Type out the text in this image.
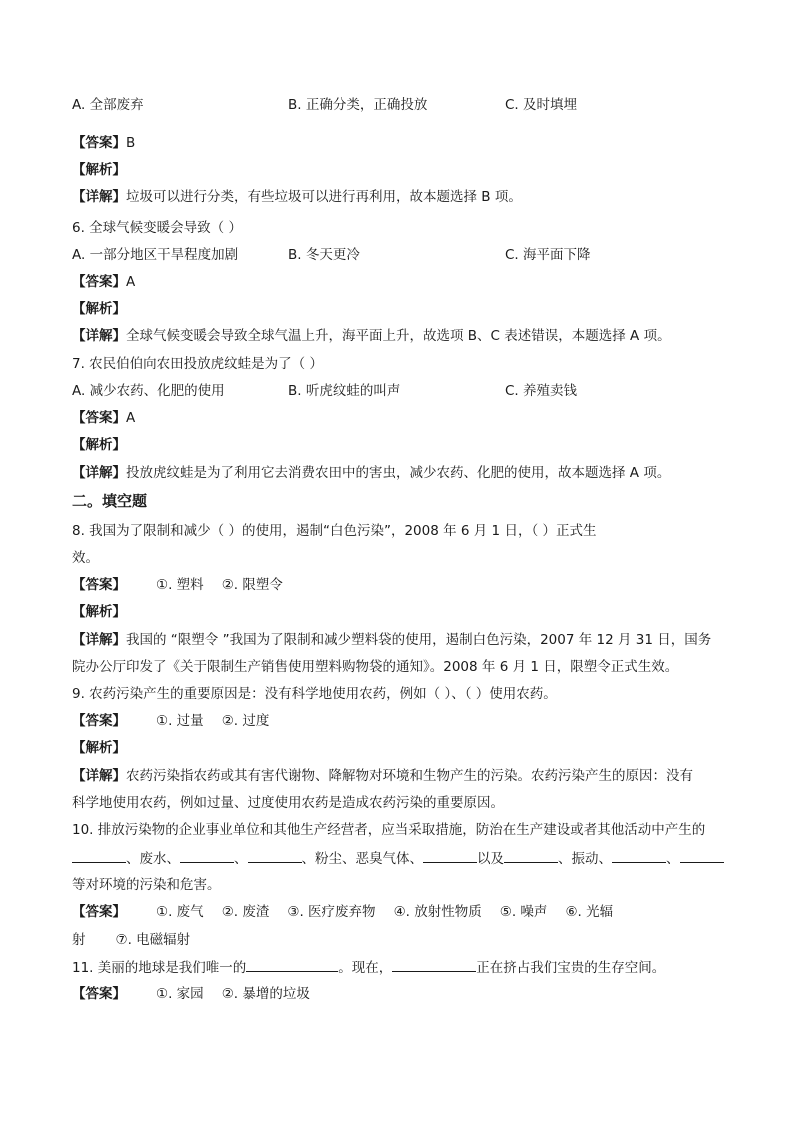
A. 全部废弃	B. 正确分类，正确投放	C. 及时填埋
【答案】B
【解析】
【详解】垃圾可以进行分类，有些垃圾可以进行再利用，故本题选择 B 项。
6. 全球气候变暖会导致（ ）
A. 一部分地区干旱程度加剧	B. 冬天更冷	C. 海平面下降
【答案】A
【解析】
【详解】全球气候变暖会导致全球气温上升，海平面上升，故选项 B、C 表述错误，本题选择 A 项。
7. 农民伯伯向农田投放虎纹蛙是为了（ ）
A. 减少农药、化肥的使用	B. 听虎纹蛙的叫声	C. 养殖卖钱
【答案】A
【解析】
【详解】投放虎纹蛙是为了利用它去消费农田中的害虫，减少农药、化肥的使用，故本题选择 A 项。
二。填空题
8. 我国为了限制和减少（ ）的使用，遏制“白色污染”，2008 年 6 月 1 日，（ ）正式生
效。
【答案】 ①. 塑料 ②. 限塑令
【解析】
【详解】我国的 “限塑令 ”我国为了限制和减少塑料袋的使用，遏制白色污染，2007 年 12 月 31 日，国务
院办公厅印发了《关于限制生产销售使用塑料购物袋的通知》。2008 年 6 月 1 日，限塑令正式生效。
9. 农药污染产生的重要原因是：没有科学地使用农药，例如（ ）、（ ）使用农药。
【答案】 ①. 过量 ②. 过度
【解析】
【详解】农药污染指农药或其有害代谢物、降解物对环境和生物产生的污染。农药污染产生的原因：没有
科学地使用农药，例如过量、过度使用农药是造成农药污染的重要原因。
10. 排放污染物的企业事业单位和其他生产经营者，应当采取措施，防治在生产建设或者其他活动中产生的
、废水、	、	、粉尘、恶臭气体、	以及	、振动、	、
等对环境的污染和危害。
【答案】 ①. 废气 ②. 废渣 ③. 医疗废弃物 ④. 放射性物质 ⑤. 噪声 ⑥. 光辐
射 ⑦. 电磁辐射
11. 美丽的地球是我们唯一的	。现在，	正在挤占我们宝贵的生存空间。
【答案】 ①. 家园 ②. 暴增的垃圾
